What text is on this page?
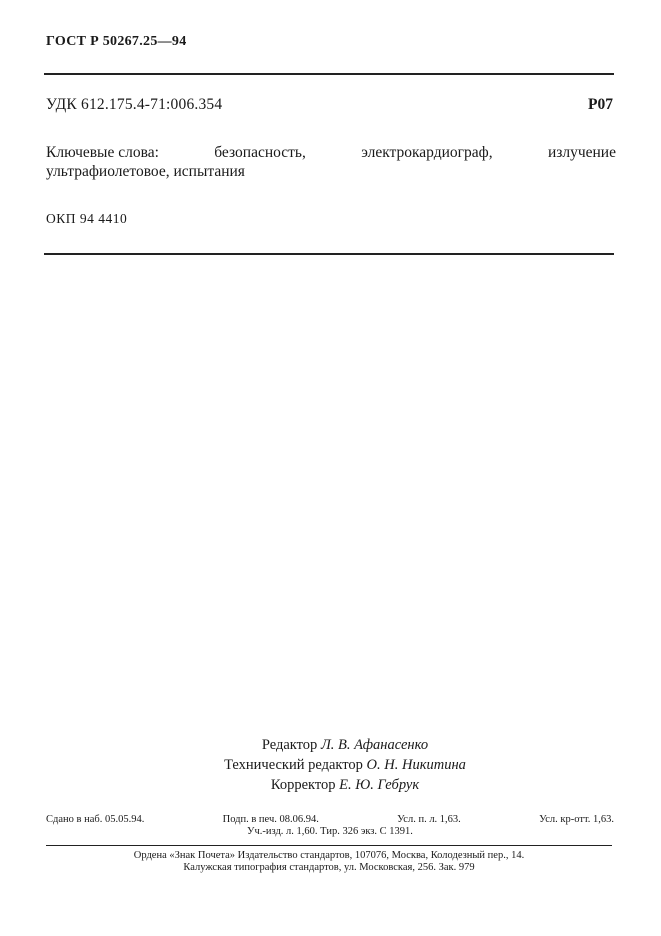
ГОСТ Р 50267.25—94
УДК 612.175.4-71:006.354	Р07
Ключевые слова:	безопасность,	электрокардиограф,	излучение
ультрафиолетовое, испытания
ОКП 94 4410
Редактор Л. В. Афанасенко
Технический редактор О. Н. Никитина
Корректор Е. Ю. Гебрук
Сдано в наб. 05.05.94.	Подп. в печ. 08.06.94.	Усл. п. л. 1,63.	Усл. кр-отт. 1,63.
Уч.-изд. л. 1,60. Тир. 326 экз. С 1391.
Ордена «Знак Почета» Издательство стандартов, 107076, Москва, Колодезный пер., 14.
Калужская типография стандартов, ул. Московская, 256. Зак. 979
